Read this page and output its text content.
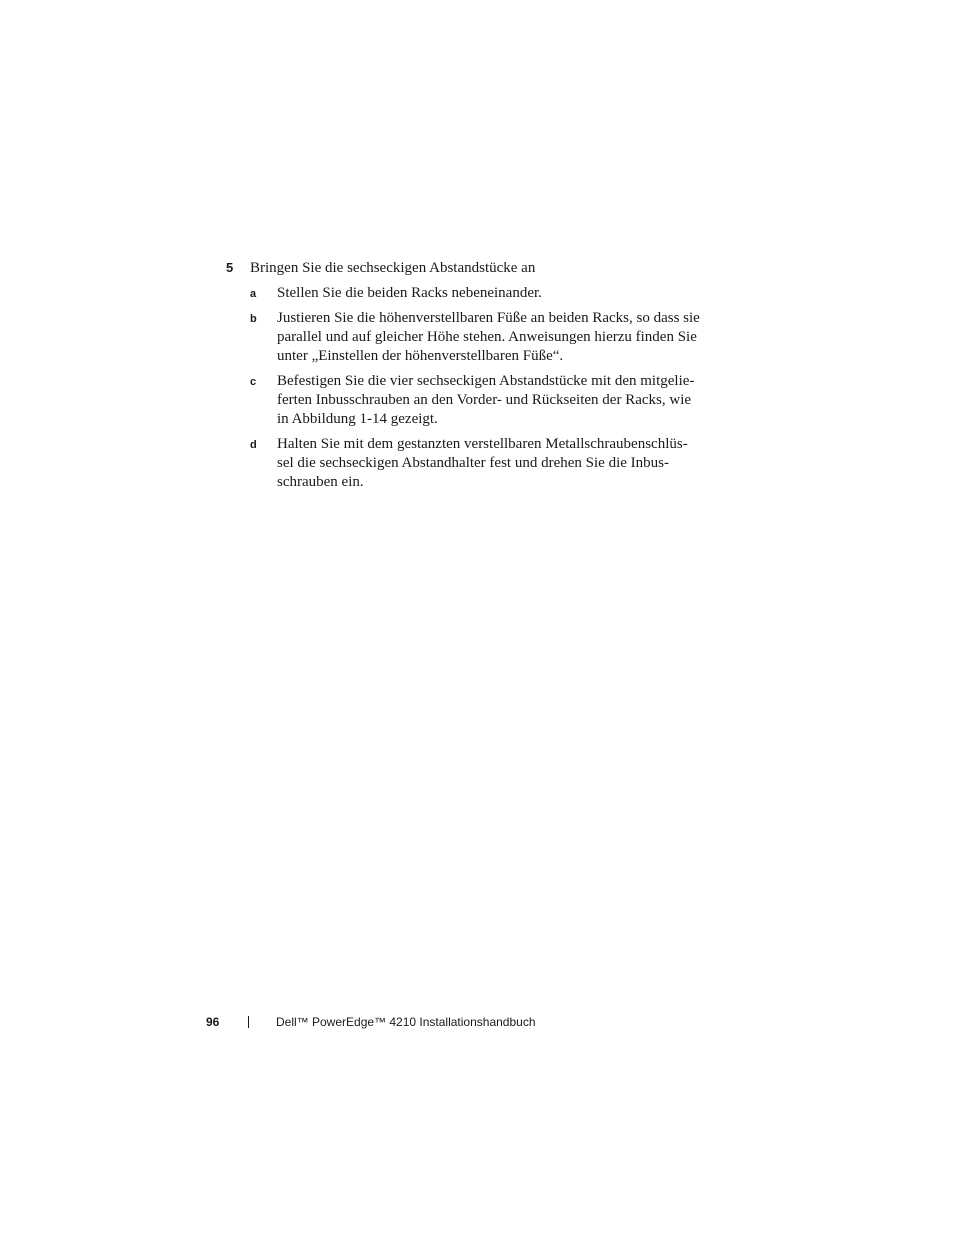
5	Bringen Sie die sechseckigen Abstandstücke an
a	Stellen Sie die beiden Racks nebeneinander.
b	Justieren Sie die höhenverstellbaren Füße an beiden Racks, so dass sie
parallel und auf gleicher Höhe stehen. Anweisungen hierzu finden Sie
unter „Einstellen der höhenverstellbaren Füße“.
c	Befestigen Sie die vier sechseckigen Abstandstücke mit den mitgelie-
ferten Inbusschrauben an den Vorder- und Rückseiten der Racks, wie
in Abbildung 1-14 gezeigt.
d	Halten Sie mit dem gestanzten verstellbaren Metallschraubenschlüs-
sel die sechseckigen Abstandhalter fest und drehen Sie die Inbus-
schrauben ein.
96	Dell™ PowerEdge™ 4210 Installationshandbuch
